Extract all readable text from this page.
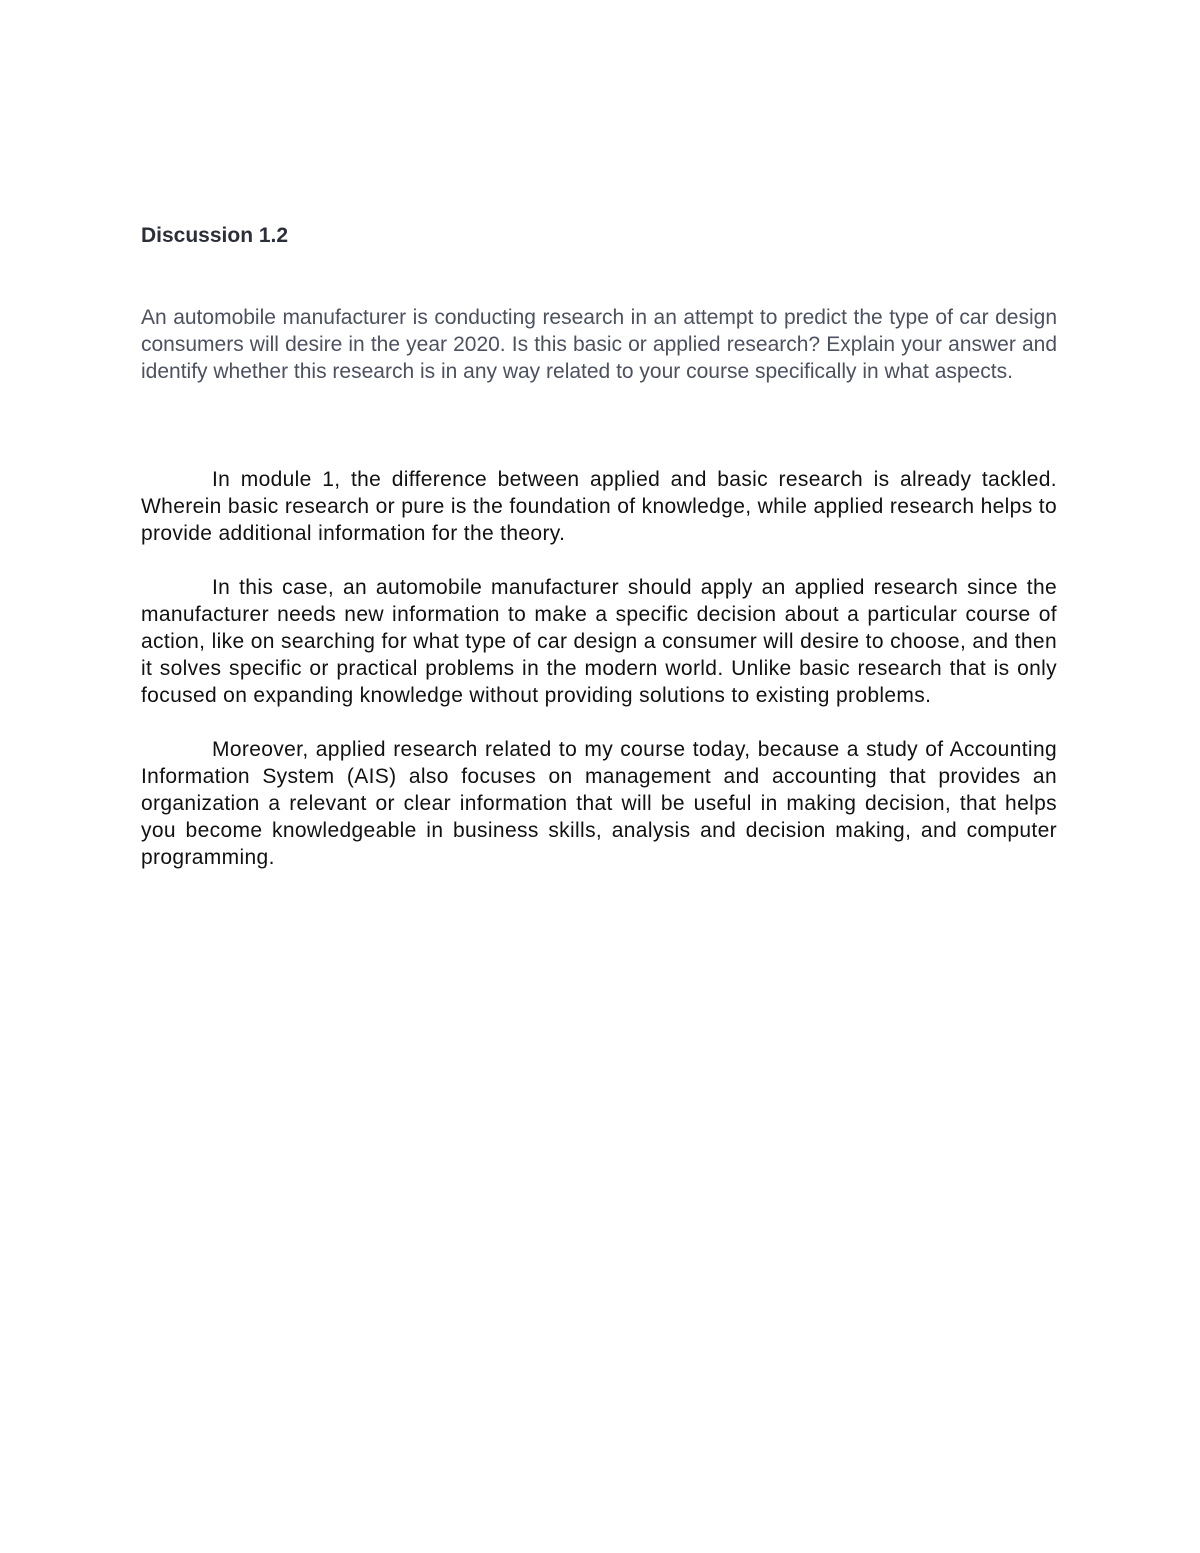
Discussion 1.2

An automobile manufacturer is conducting research in an attempt to predict the type of car design consumers will desire in the year 2020. Is this basic or applied research? Explain your answer and identify whether this research is in any way related to your course specifically in what aspects.

In module 1, the difference between applied and basic research is already tackled. Wherein basic research or pure is the foundation of knowledge, while applied research helps to provide additional information for the theory.

In this case, an automobile manufacturer should apply an applied research since the manufacturer needs new information to make a specific decision about a particular course of action, like on searching for what type of car design a consumer will desire to choose, and then it solves specific or practical problems in the modern world. Unlike basic research that is only focused on expanding knowledge without providing solutions to existing problems.

Moreover, applied research related to my course today, because a study of Accounting Information System (AIS) also focuses on management and accounting that provides an organization a relevant or clear information that will be useful in making decision, that helps you become knowledgeable in business skills, analysis and decision making, and computer programming.
